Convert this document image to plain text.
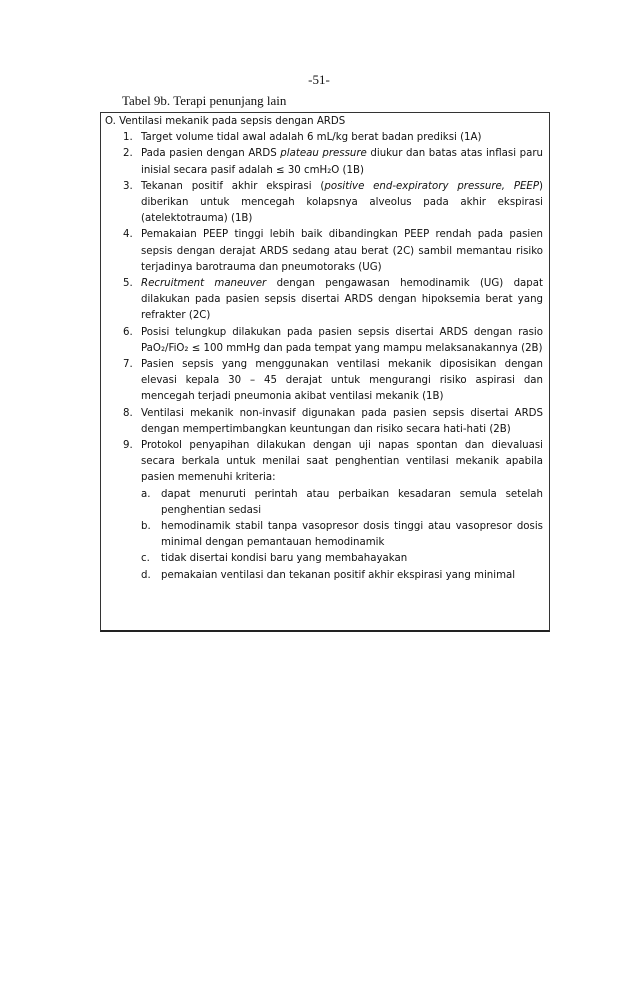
-51-
Tabel 9b. Terapi penunjang lain
O. Ventilasi mekanik pada sepsis dengan ARDS
1. Target volume tidal awal adalah 6 mL/kg berat badan prediksi (1A)
2. Pada pasien dengan ARDS plateau pressure diukur dan batas atas inflasi paru inisial secara pasif adalah ≤ 30 cmH₂O (1B)
3. Tekanan positif akhir ekspirasi (positive end-expiratory pressure, PEEP) diberikan untuk mencegah kolapsnya alveolus pada akhir ekspirasi (atelektotrauma) (1B)
4. Pemakaian PEEP tinggi lebih baik dibandingkan PEEP rendah pada pasien sepsis dengan derajat ARDS sedang atau berat (2C) sambil memantau risiko terjadinya barotrauma dan pneumotoraks (UG)
5. Recruitment maneuver dengan pengawasan hemodinamik (UG) dapat dilakukan pada pasien sepsis disertai ARDS dengan hipoksemia berat yang refrakter (2C)
6. Posisi telungkup dilakukan pada pasien sepsis disertai ARDS dengan rasio PaO₂/FiO₂ ≤ 100 mmHg dan pada tempat yang mampu melaksanakannya (2B)
7. Pasien sepsis yang menggunakan ventilasi mekanik diposisikan dengan elevasi kepala 30 – 45 derajat untuk mengurangi risiko aspirasi dan mencegah terjadi pneumonia akibat ventilasi mekanik (1B)
8. Ventilasi mekanik non-invasif digunakan pada pasien sepsis disertai ARDS dengan mempertimbangkan keuntungan dan risiko secara hati-hati (2B)
9. Protokol penyapihan dilakukan dengan uji napas spontan dan dievaluasi secara berkala untuk menilai saat penghentian ventilasi mekanik apabila pasien memenuhi kriteria:
a. dapat menuruti perintah atau perbaikan kesadaran semula setelah penghentian sedasi
b. hemodinamik stabil tanpa vasopresor dosis tinggi atau vasopresor dosis minimal dengan pemantauan hemodinamik
c. tidak disertai kondisi baru yang membahayakan
d. pemakaian ventilasi dan tekanan positif akhir ekspirasi yang minimal
